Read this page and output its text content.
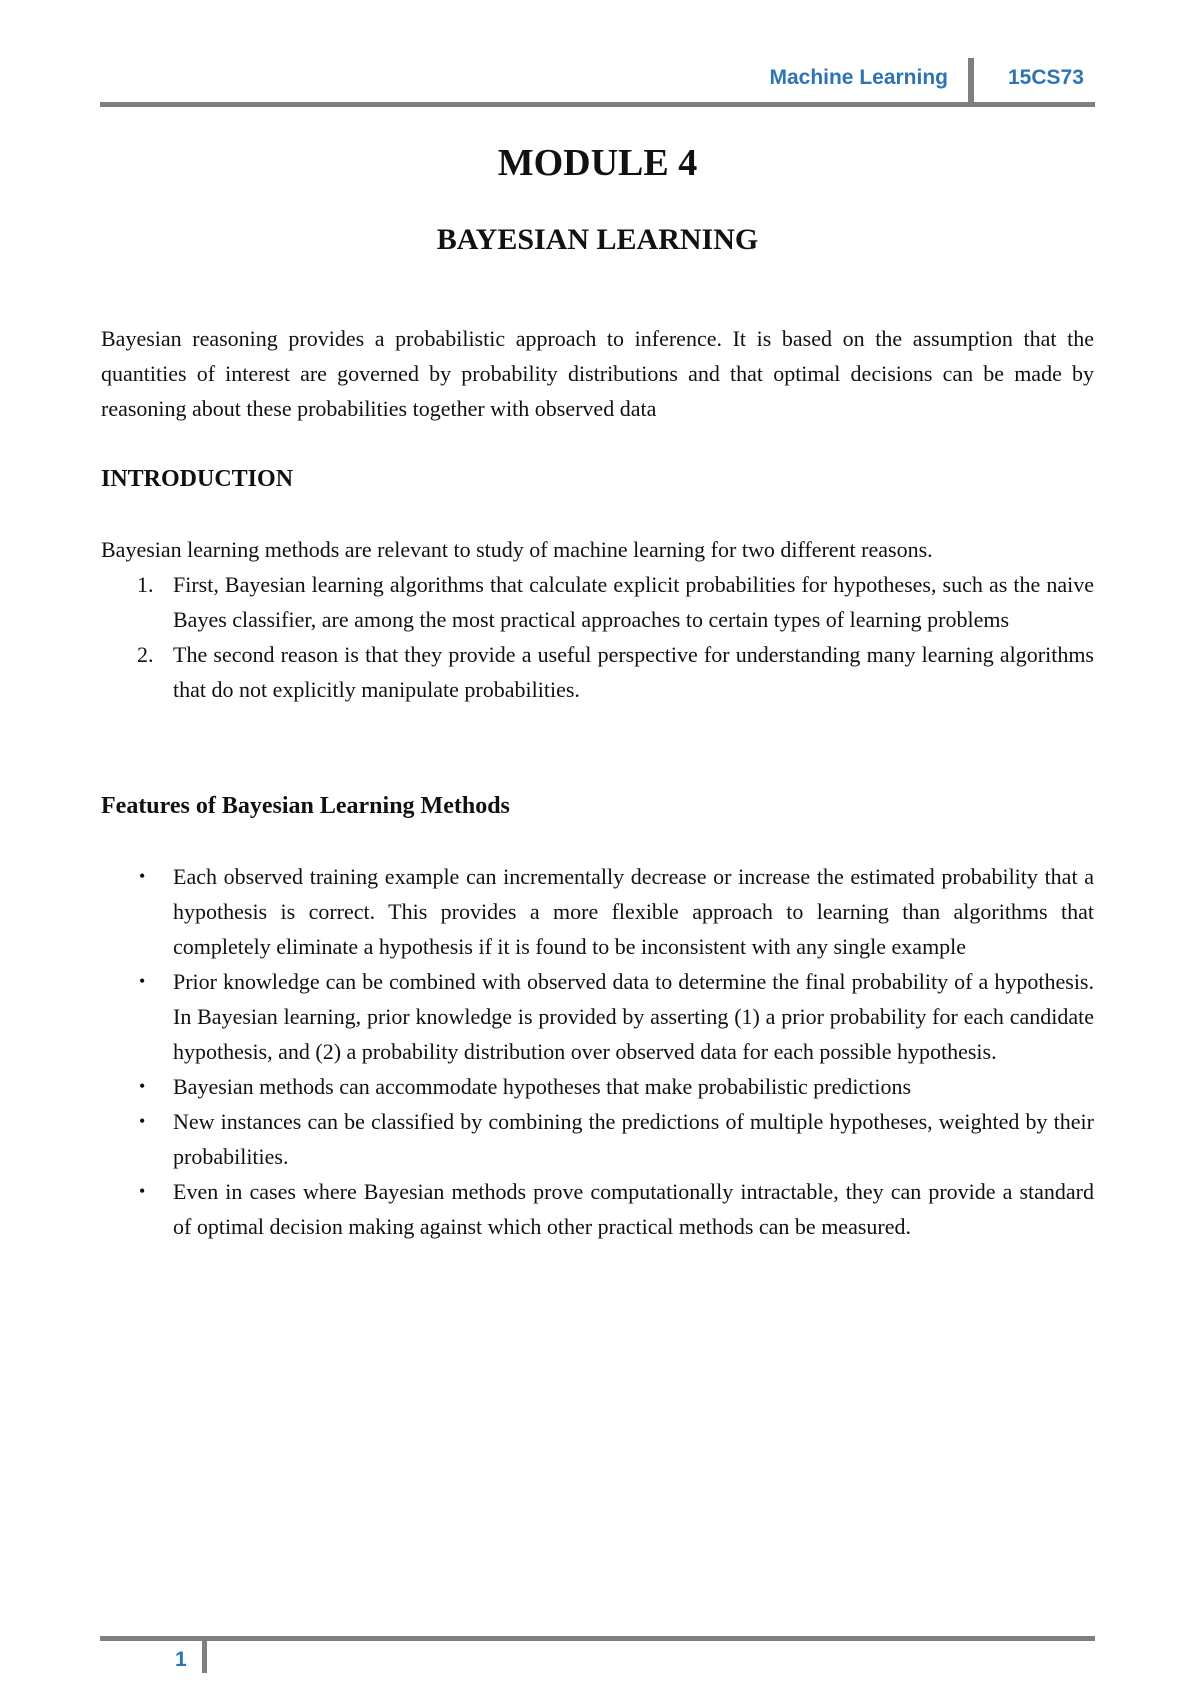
Machine Learning	15CS73
MODULE 4
BAYESIAN LEARNING

Bayesian reasoning provides a probabilistic approach to inference. It is based on the assumption that the quantities of interest are governed by probability distributions and that optimal decisions can be made by reasoning about these probabilities together with observed data

INTRODUCTION

Bayesian learning methods are relevant to study of machine learning for two different reasons.

1. First, Bayesian learning algorithms that calculate explicit probabilities for hypotheses, such as the naive Bayes classifier, are among the most practical approaches to certain types of learning problems
2. The second reason is that they provide a useful perspective for understanding many learning algorithms that do not explicitly manipulate probabilities.
Features of Bayesian Learning Methods
• Each observed training example can incrementally decrease or increase the estimated probability that a hypothesis is correct. This provides a more flexible approach to learning than algorithms that completely eliminate a hypothesis if it is found to be inconsistent with any single example
• Prior knowledge can be combined with observed data to determine the final probability of a hypothesis. In Bayesian learning, prior knowledge is provided by asserting (1) a prior probability for each candidate hypothesis, and (2) a probability distribution over observed data for each possible hypothesis.
• Bayesian methods can accommodate hypotheses that make probabilistic predictions
• New instances can be classified by combining the predictions of multiple hypotheses, weighted by their probabilities.
• Even in cases where Bayesian methods prove computationally intractable, they can provide a standard of optimal decision making against which other practical methods can be measured.
1
